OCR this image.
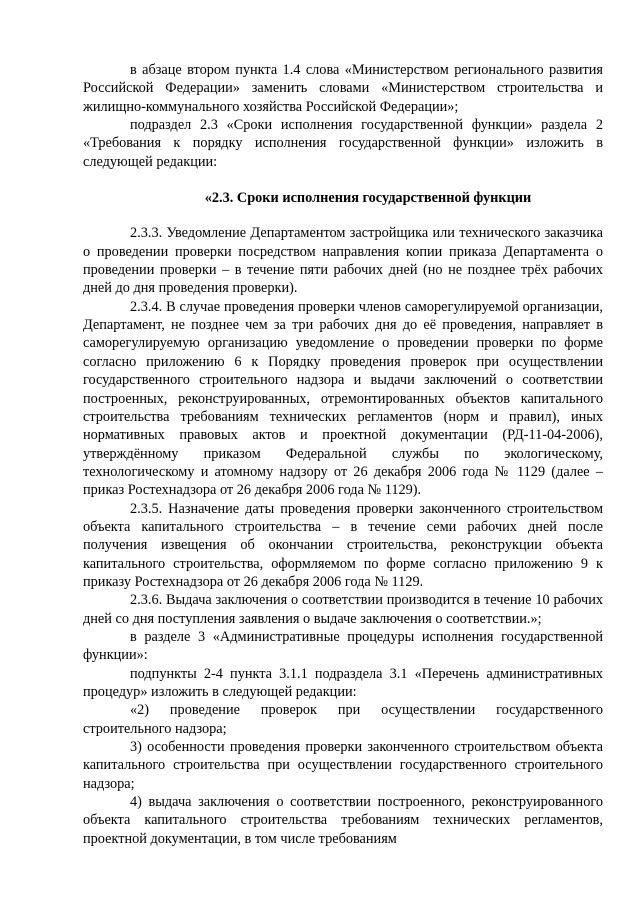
в абзаце втором пункта 1.4 слова «Министерством регионального развития Российской Федерации» заменить словами «Министерством строительства и жилищно-коммунального хозяйства Российской Федерации»;

подраздел 2.3 «Сроки исполнения государственной функции» раздела 2 «Требования к порядку исполнения государственной функции» изложить в следующей редакции:

«2.3. Сроки исполнения государственной функции

2.3.3. Уведомление Департаментом застройщика или технического заказчика о проведении проверки посредством направления копии приказа Департамента о проведении проверки – в течение пяти рабочих дней (но не позднее трёх рабочих дней до дня проведения проверки).

2.3.4. В случае проведения проверки членов саморегулируемой организации, Департамент, не позднее чем за три рабочих дня до её проведения, направляет в саморегулируемую организацию уведомление о проведении проверки по форме согласно приложению 6 к Порядку проведения проверок при осуществлении государственного строительного надзора и выдачи заключений о соответствии построенных, реконструированных, отремонтированных объектов капитального строительства требованиям технических регламентов (норм и правил), иных нормативных правовых актов и проектной документации (РД-11-04-2006), утверждённому приказом Федеральной службы по экологическому, технологическому и атомному надзору от 26 декабря 2006 года № 1129 (далее – приказ Ростехнадзора от 26 декабря 2006 года № 1129).

2.3.5. Назначение даты проведения проверки законченного строительством объекта капитального строительства – в течение семи рабочих дней после получения извещения об окончании строительства, реконструкции объекта капитального строительства, оформляемом по форме согласно приложению 9 к приказу Ростехнадзора от 26 декабря 2006 года № 1129.

2.3.6. Выдача заключения о соответствии производится в течение 10 рабочих дней со дня поступления заявления о выдаче заключения о соответствии.»;

в разделе 3 «Административные процедуры исполнения государственной функции»:

подпункты 2-4 пункта 3.1.1 подраздела 3.1 «Перечень административных процедур» изложить в следующей редакции:

«2) проведение проверок при осуществлении государственного строительного надзора;

3) особенности проведения проверки законченного строительством объекта капитального строительства при осуществлении государственного строительного надзора;

4) выдача заключения о соответствии построенного, реконструированного объекта капитального строительства требованиям технических регламентов, проектной документации, в том числе требованиям
